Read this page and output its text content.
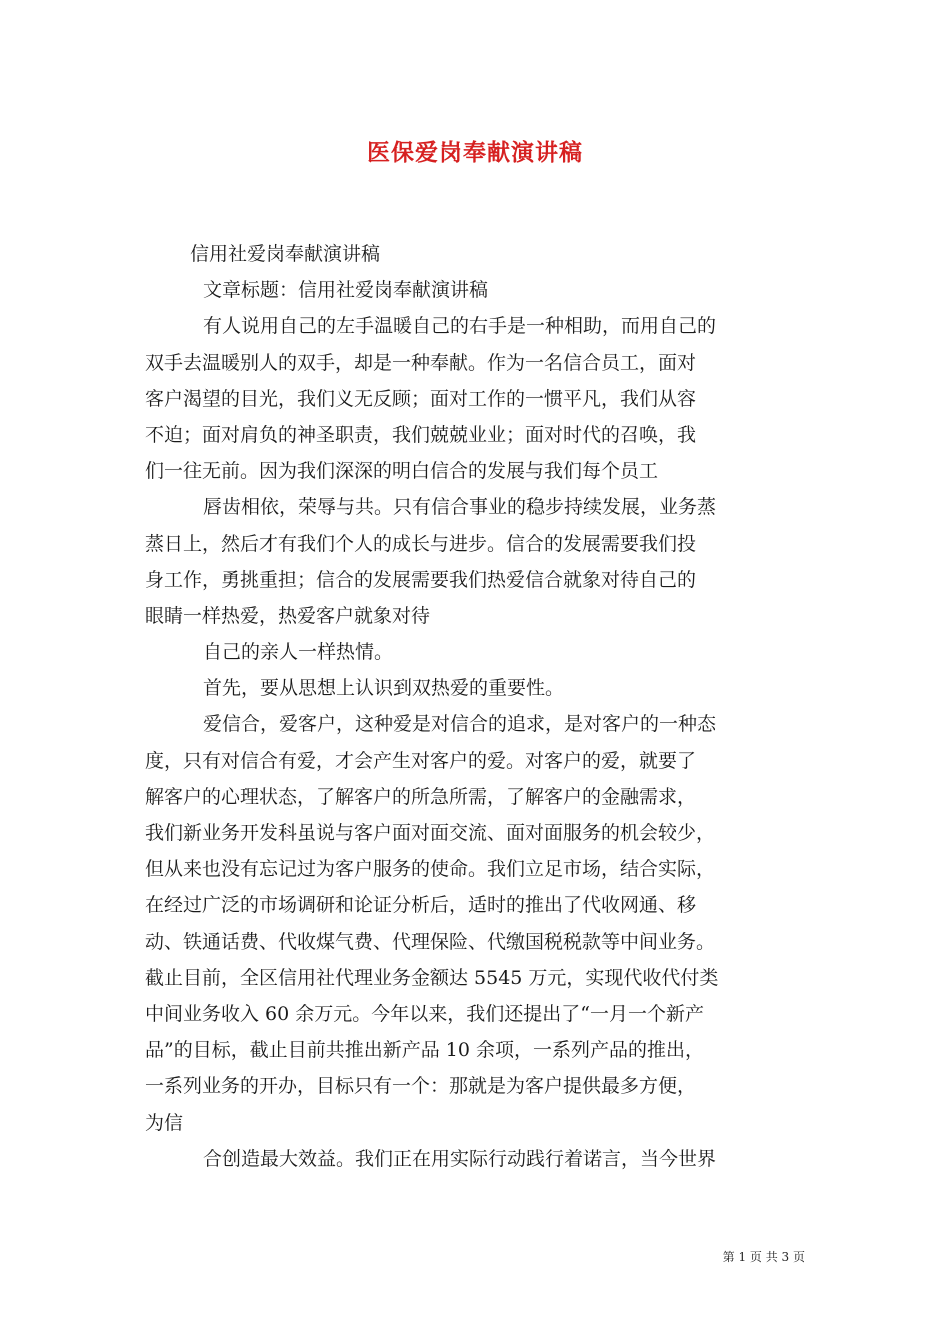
医保爱岗奉献演讲稿
信用社爱岗奉献演讲稿
文章标题：信用社爱岗奉献演讲稿
有人说用自己的左手温暖自己的右手是一种相助，而用自己的
双手去温暖别人的双手，却是一种奉献。作为一名信合员工，面对
客户渴望的目光，我们义无反顾；面对工作的一惯平凡，我们从容
不迫；面对肩负的神圣职责，我们兢兢业业；面对时代的召唤，我
们一往无前。因为我们深深的明白信合的发展与我们每个员工
唇齿相依，荣辱与共。只有信合事业的稳步持续发展，业务蒸
蒸日上，然后才有我们个人的成长与进步。信合的发展需要我们投
身工作，勇挑重担；信合的发展需要我们热爱信合就象对待自己的
眼睛一样热爱，热爱客户就象对待
自己的亲人一样热情。
首先，要从思想上认识到双热爱的重要性。
爱信合，爱客户，这种爱是对信合的追求，是对客户的一种态
度，只有对信合有爱，才会产生对客户的爱。对客户的爱，就要了
解客户的心理状态，了解客户的所急所需，了解客户的金融需求，
我们新业务开发科虽说与客户面对面交流、面对面服务的机会较少，
但从来也没有忘记过为客户服务的使命。我们立足市场，结合实际，
在经过广泛的市场调研和论证分析后，适时的推出了代收网通、移
动、铁通话费、代收煤气费、代理保险、代缴国税税款等中间业务。
截止目前，全区信用社代理业务金额达 5545 万元，实现代收代付类
中间业务收入 60 余万元。今年以来，我们还提出了“一月一个新产
品”的目标，截止目前共推出新产品 10 余项，一系列产品的推出，
一系列业务的开办，目标只有一个：那就是为客户提供最多方便，
为信
合创造最大效益。我们正在用实际行动践行着诺言，当今世界
第 1 页 共 3 页
